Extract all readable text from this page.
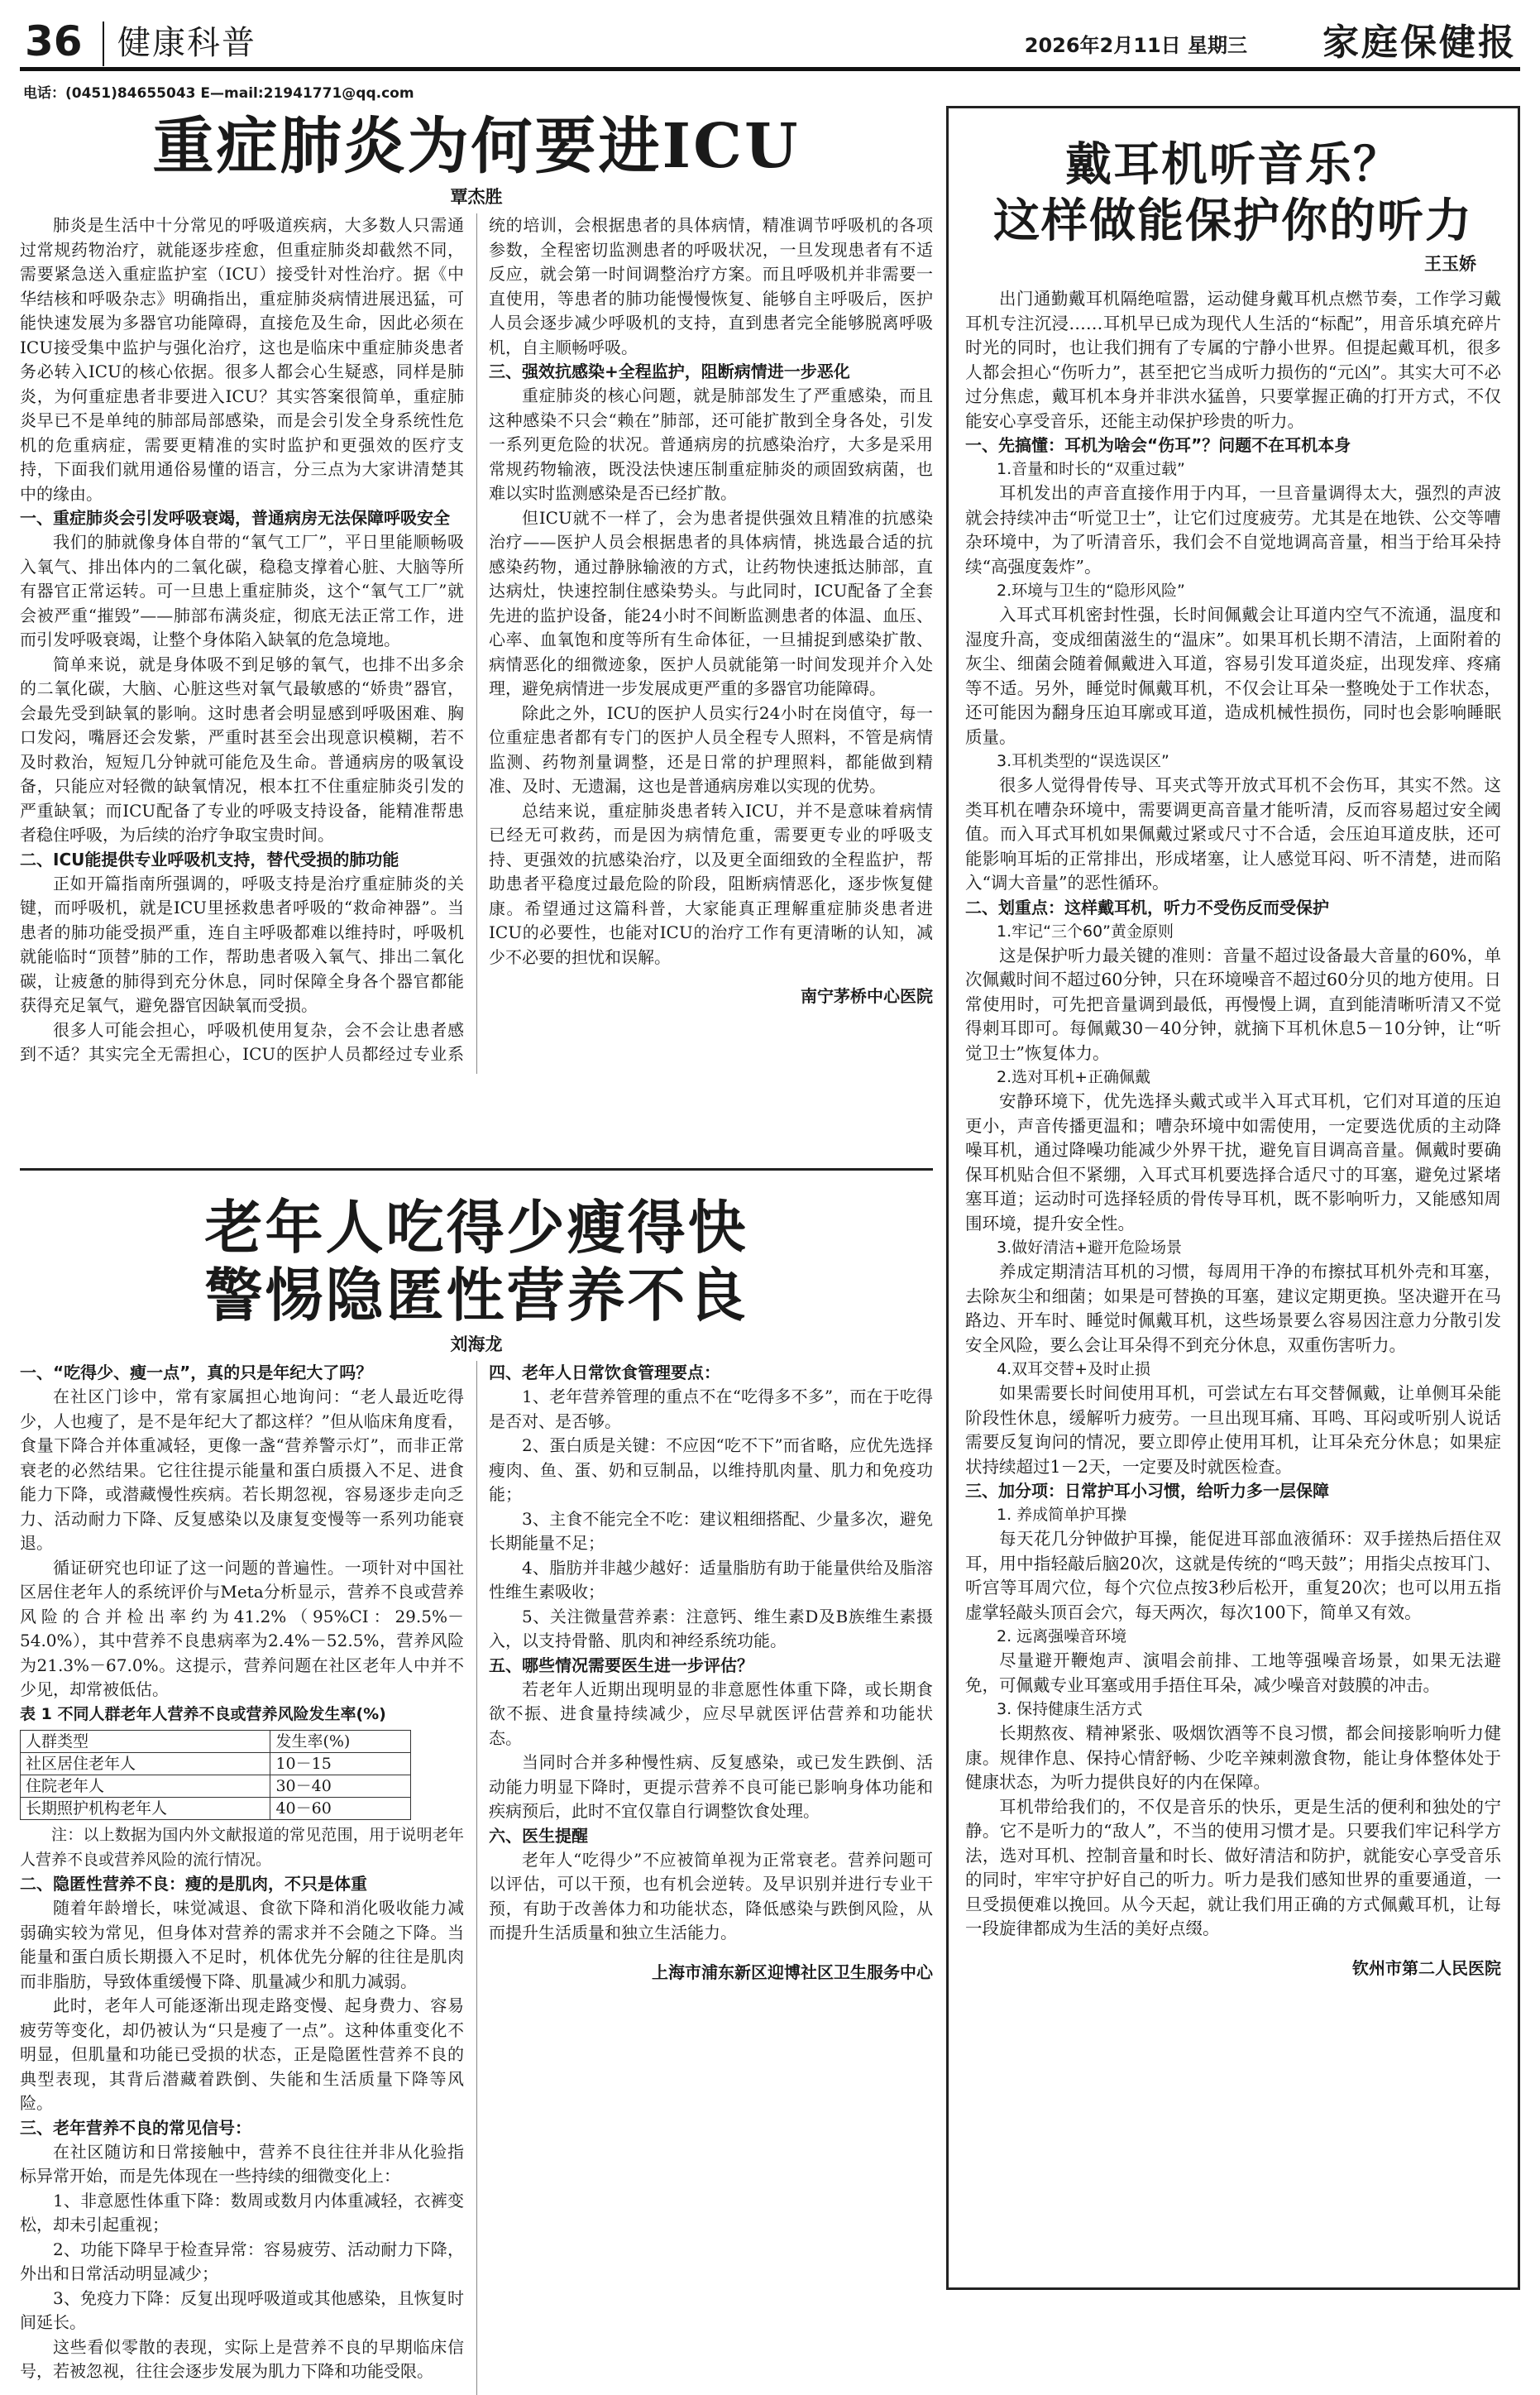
36 健康科普	2026年2月11日 星期三 家庭保健报
电话：(0451)84655043 E—mail:21941771@qq.com
重症肺炎为何要进ICU
覃杰胜

肺炎是生活中十分常见的呼吸道疾病，大多数人只需通过常规药物治疗，就能逐步痊愈，但重症肺炎却截然不同，需要紧急送入重症监护室（ICU）接受针对性治疗。据《中华结核和呼吸杂志》明确指出，重症肺炎病情进展迅猛，可能快速发展为多器官功能障碍，直接危及生命，因此必须在ICU接受集中监护与强化治疗，这也是临床中重症肺炎患者务必转入ICU的核心依据。很多人都会心生疑惑，同样是肺炎，为何重症患者非要进入ICU？其实答案很简单，重症肺炎早已不是单纯的肺部局部感染，而是会引发全身系统性危机的危重病症，需要更精准的实时监护和更强效的医疗支持，下面我们就用通俗易懂的语言，分三点为大家讲清楚其中的缘由。

一、重症肺炎会引发呼吸衰竭，普通病房无法保障呼吸安全

我们的肺就像身体自带的“氧气工厂”，平日里能顺畅吸入氧气、排出体内的二氧化碳，稳稳支撑着心脏、大脑等所有器官正常运转。可一旦患上重症肺炎，这个“氧气工厂”就会被严重“摧毁”——肺部布满炎症，彻底无法正常工作，进而引发呼吸衰竭，让整个身体陷入缺氧的危急境地。

简单来说，就是身体吸不到足够的氧气，也排不出多余的二氧化碳，大脑、心脏这些对氧气最敏感的“娇贵”器官，会最先受到缺氧的影响。这时患者会明显感到呼吸困难、胸口发闷，嘴唇还会发紫，严重时甚至会出现意识模糊，若不及时救治，短短几分钟就可能危及生命。普通病房的吸氧设备，只能应对轻微的缺氧情况，根本扛不住重症肺炎引发的严重缺氧；而ICU配备了专业的呼吸支持设备，能精准帮患者稳住呼吸，为后续的治疗争取宝贵时间。

二、ICU能提供专业呼吸机支持，替代受损的肺功能

正如开篇指南所强调的，呼吸支持是治疗重症肺炎的关键，而呼吸机，就是ICU里拯救患者呼吸的“救命神器”。当患者的肺功能受损严重，连自主呼吸都难以维持时，呼吸机就能临时“顶替”肺的工作，帮助患者吸入氧气、排出二氧化碳，让疲惫的肺得到充分休息，同时保障全身各个器官都能获得充足氧气，避免器官因缺氧而受损。

很多人可能会担心，呼吸机使用复杂，会不会让患者感到不适？其实完全无需担心，ICU的医护人员都经过专业系统的培训，会根据患者的具体病情，精准调节呼吸机的各项参数，全程密切监测患者的呼吸状况，一旦发现患者有不适反应，就会第一时间调整治疗方案。而且呼吸机并非需要一直使用，等患者的肺功能慢慢恢复、能够自主呼吸后，医护人员会逐步减少呼吸机的支持，直到患者完全能够脱离呼吸机，自主顺畅呼吸。

三、强效抗感染+全程监护，阻断病情进一步恶化

重症肺炎的核心问题，就是肺部发生了严重感染，而且这种感染不只会“赖在”肺部，还可能扩散到全身各处，引发一系列更危险的状况。普通病房的抗感染治疗，大多是采用常规药物输液，既没法快速压制重症肺炎的顽固致病菌，也难以实时监测感染是否已经扩散。

但ICU就不一样了，会为患者提供强效且精准的抗感染治疗——医护人员会根据患者的具体病情，挑选最合适的抗感染药物，通过静脉输液的方式，让药物快速抵达肺部，直达病灶，快速控制住感染势头。与此同时，ICU配备了全套先进的监护设备，能24小时不间断监测患者的体温、血压、心率、血氧饱和度等所有生命体征，一旦捕捉到感染扩散、病情恶化的细微迹象，医护人员就能第一时间发现并介入处理，避免病情进一步发展成更严重的多器官功能障碍。

除此之外，ICU的医护人员实行24小时在岗值守，每一位重症患者都有专门的医护人员全程专人照料，不管是病情监测、药物剂量调整，还是日常的护理照料，都能做到精准、及时、无遗漏，这也是普通病房难以实现的优势。

总结来说，重症肺炎患者转入ICU，并不是意味着病情已经无可救药，而是因为病情危重，需要更专业的呼吸支持、更强效的抗感染治疗，以及更全面细致的全程监护，帮助患者平稳度过最危险的阶段，阻断病情恶化，逐步恢复健康。希望通过这篇科普，大家能真正理解重症肺炎患者进ICU的必要性，也能对ICU的治疗工作有更清晰的认知，减少不必要的担忧和误解。

南宁茅桥中心医院
老年人吃得少瘦得快
警惕隐匿性营养不良
刘海龙
一、“吃得少、瘦一点”，真的只是年纪大了吗？

在社区门诊中，常有家属担心地询问：“老人最近吃得少，人也瘦了，是不是年纪大了都这样？”但从临床角度看，食量下降合并体重减轻，更像一盏“营养警示灯”，而非正常衰老的必然结果。它往往提示能量和蛋白质摄入不足、进食能力下降，或潜藏慢性疾病。若长期忽视，容易逐步走向乏力、活动耐力下降、反复感染以及康复变慢等一系列功能衰退。

循证研究也印证了这一问题的普遍性。一项针对中国社区居住老年人的系统评价与Meta分析显示，营养不良或营养风险的合并检出率约为41.2%（95%CI：29.5%－54.0%），其中营养不良患病率为2.4%－52.5%，营养风险为21.3%－67.0%。这提示，营养问题在社区老年人中并不少见，却常被低估。

表 1 不同人群老年人营养不良或营养风险发生率(%)
人群类型	发生率(%)
社区居住老年人	10－15
住院老年人	30－40
长期照护机构老年人	40－60
注：以上数据为国内外文献报道的常见范围，用于说明老年人营养不良或营养风险的流行情况。
二、隐匿性营养不良：瘦的是肌肉，不只是体重

随着年龄增长，味觉减退、食欲下降和消化吸收能力减弱确实较为常见，但身体对营养的需求并不会随之下降。当能量和蛋白质长期摄入不足时，机体优先分解的往往是肌肉而非脂肪，导致体重缓慢下降、肌量减少和肌力减弱。

此时，老年人可能逐渐出现走路变慢、起身费力、容易疲劳等变化，却仍被认为“只是瘦了一点”。这种体重变化不明显，但肌量和功能已受损的状态，正是隐匿性营养不良的典型表现，其背后潜藏着跌倒、失能和生活质量下降等风险。

三、老年营养不良的常见信号：

在社区随访和日常接触中，营养不良往往并非从化验指标异常开始，而是先体现在一些持续的细微变化上：

1、非意愿性体重下降：数周或数月内体重减轻，衣裤变松，却未引起重视；

2、功能下降早于检查异常：容易疲劳、活动耐力下降，外出和日常活动明显减少；

3、免疫力下降：反复出现呼吸道或其他感染，且恢复时间延长。

这些看似零散的表现，实际上是营养不良的早期临床信号，若被忽视，往往会逐步发展为肌力下降和功能受限。

四、老年人日常饮食管理要点：

1、老年营养管理的重点不在“吃得多不多”，而在于吃得是否对、是否够。

2、蛋白质是关键：不应因“吃不下”而省略，应优先选择瘦肉、鱼、蛋、奶和豆制品，以维持肌肉量、肌力和免疫功能；

3、主食不能完全不吃：建议粗细搭配、少量多次，避免长期能量不足；

4、脂肪并非越少越好：适量脂肪有助于能量供给及脂溶性维生素吸收；

5、关注微量营养素：注意钙、维生素D及B族维生素摄入，以支持骨骼、肌肉和神经系统功能。

五、哪些情况需要医生进一步评估？

若老年人近期出现明显的非意愿性体重下降，或长期食欲不振、进食量持续减少，应尽早就医评估营养和功能状态。

当同时合并多种慢性病、反复感染，或已发生跌倒、活动能力明显下降时，更提示营养不良可能已影响身体功能和疾病预后，此时不宜仅靠自行调整饮食处理。

六、医生提醒

老年人“吃得少”不应被简单视为正常衰老。营养问题可以评估，可以干预，也有机会逆转。及早识别并进行专业干预，有助于改善体力和功能状态，降低感染与跌倒风险，从而提升生活质量和独立生活能力。

上海市浦东新区迎博社区卫生服务中心
戴耳机听音乐？
这样做能保护你的听力
王玉娇

出门通勤戴耳机隔绝喧嚣，运动健身戴耳机点燃节奏，工作学习戴耳机专注沉浸……耳机早已成为现代人生活的“标配”，用音乐填充碎片时光的同时，也让我们拥有了专属的宁静小世界。但提起戴耳机，很多人都会担心“伤听力”，甚至把它当成听力损伤的“元凶”。其实大可不必过分焦虑，戴耳机本身并非洪水猛兽，只要掌握正确的打开方式，不仅能安心享受音乐，还能主动保护珍贵的听力。

一、先搞懂：耳机为啥会“伤耳”？问题不在耳机本身
1.音量和时长的“双重过载”

耳机发出的声音直接作用于内耳，一旦音量调得太大，强烈的声波就会持续冲击“听觉卫士”，让它们过度疲劳。尤其是在地铁、公交等嘈杂环境中，为了听清音乐，我们会不自觉地调高音量，相当于给耳朵持续“高强度轰炸”。

2.环境与卫生的“隐形风险”

入耳式耳机密封性强，长时间佩戴会让耳道内空气不流通，温度和湿度升高，变成细菌滋生的“温床”。如果耳机长期不清洁，上面附着的灰尘、细菌会随着佩戴进入耳道，容易引发耳道炎症，出现发痒、疼痛等不适。另外，睡觉时佩戴耳机，不仅会让耳朵一整晚处于工作状态，还可能因为翻身压迫耳廓或耳道，造成机械性损伤，同时也会影响睡眠质量。

3.耳机类型的“误选误区”

很多人觉得骨传导、耳夹式等开放式耳机不会伤耳，其实不然。这类耳机在嘈杂环境中，需要调更高音量才能听清，反而容易超过安全阈值。而入耳式耳机如果佩戴过紧或尺寸不合适，会压迫耳道皮肤，还可能影响耳垢的正常排出，形成堵塞，让人感觉耳闷、听不清楚，进而陷入“调大音量”的恶性循环。

二、划重点：这样戴耳机，听力不受伤反而受保护
1.牢记“三个60”黄金原则

这是保护听力最关键的准则：音量不超过设备最大音量的60%，单次佩戴时间不超过60分钟，只在环境噪音不超过60分贝的地方使用。日常使用时，可先把音量调到最低，再慢慢上调，直到能清晰听清又不觉得刺耳即可。每佩戴30－40分钟，就摘下耳机休息5－10分钟，让“听觉卫士”恢复体力。

2.选对耳机+正确佩戴

安静环境下，优先选择头戴式或半入耳式耳机，它们对耳道的压迫更小，声音传播更温和；嘈杂环境中如需使用，一定要选优质的主动降噪耳机，通过降噪功能减少外界干扰，避免盲目调高音量。佩戴时要确保耳机贴合但不紧绷，入耳式耳机要选择合适尺寸的耳塞，避免过紧堵塞耳道；运动时可选择轻质的骨传导耳机，既不影响听力，又能感知周围环境，提升安全性。

3.做好清洁+避开危险场景

养成定期清洁耳机的习惯，每周用干净的布擦拭耳机外壳和耳塞，去除灰尘和细菌；如果是可替换的耳塞，建议定期更换。坚决避开在马路边、开车时、睡觉时佩戴耳机，这些场景要么容易因注意力分散引发安全风险，要么会让耳朵得不到充分休息，双重伤害听力。

4.双耳交替+及时止损

如果需要长时间使用耳机，可尝试左右耳交替佩戴，让单侧耳朵能阶段性休息，缓解听力疲劳。一旦出现耳痛、耳鸣、耳闷或听别人说话需要反复询问的情况，要立即停止使用耳机，让耳朵充分休息；如果症状持续超过1－2天，一定要及时就医检查。

三、加分项：日常护耳小习惯，给听力多一层保障
1. 养成简单护耳操

每天花几分钟做护耳操，能促进耳部血液循环：双手搓热后捂住双耳，用中指轻敲后脑20次，这就是传统的“鸣天鼓”；用指尖点按耳门、听宫等耳周穴位，每个穴位点按3秒后松开，重复20次；也可以用五指虚掌轻敲头顶百会穴，每天两次，每次100下，简单又有效。

2. 远离强噪音环境

尽量避开鞭炮声、演唱会前排、工地等强噪音场景，如果无法避免，可佩戴专业耳塞或用手捂住耳朵，减少噪音对鼓膜的冲击。

3. 保持健康生活方式

长期熬夜、精神紧张、吸烟饮酒等不良习惯，都会间接影响听力健康。规律作息、保持心情舒畅、少吃辛辣刺激食物，能让身体整体处于健康状态，为听力提供良好的内在保障。

耳机带给我们的，不仅是音乐的快乐，更是生活的便利和独处的宁静。它不是听力的“敌人”，不当的使用习惯才是。只要我们牢记科学方法，选对耳机、控制音量和时长、做好清洁和防护，就能安心享受音乐的同时，牢牢守护好自己的听力。听力是我们感知世界的重要通道，一旦受损便难以挽回。从今天起，就让我们用正确的方式佩戴耳机，让每一段旋律都成为生活的美好点缀。

钦州市第二人民医院
